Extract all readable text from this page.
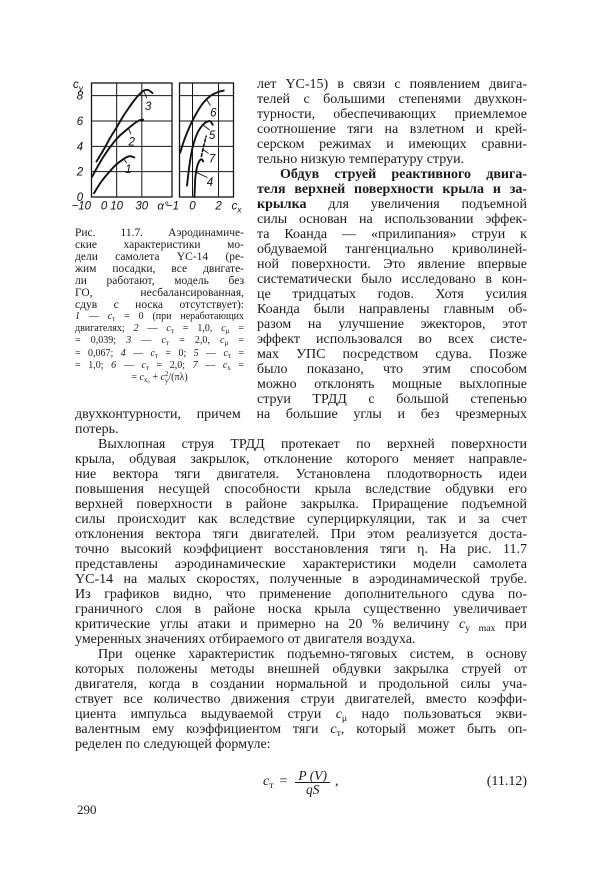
1
2
3
−10 0 10 30
0
2
4
6
8
$c_y$
α°
4
5
6
7
−1 0 2 $c_x$
Рис. 11.7. Аэродинамиче-
ские характеристики мо-
дели самолета YC-14 (ре-
жим посадки, все двигате-
ли работают, модель без
ГО, несбалансированная,
сдув с носка отсутствует):
1 — $c_т = 0$ (при неработающих
двигателях; 2 — $c_т = 1,0$, $c_\mu$ =
= 0,039; 3 — $c_т = 2,0$, $c_\mu$ =
= 0,067; 4 — $c_т = 0$; 5 — $c_т$ =
= 1,0; 6 — $c_т = 2,0$; 7 — $c_x$ =
= $c_{x_0} + c$ 2
y /(πλ)
лет YC-15) в связи с появлением двига-
телей с большими степенями двухкон-
турности, обеспечивающих приемлемое
соотношение тяги на взлетном и крей-
серском режимах и имеющих сравни-
тельно низкую температуру струи.
Обдув струей реактивного двига-
теля верхней поверхности крыла и за-
крылка для увеличения подъемной
силы основан на использовании эффек-
та Коанда — «прилипания» струи к
обдуваемой тангенциально криволиней-
ной поверхности. Это явление впервые
систематически было исследовано в кон-
це тридцатых годов. Хотя усилия
Коанда были направлены главным об-
разом на улучшение эжекторов, этот
эффект использовался во всех систе-
мах УПС посредством сдува. Позже
было показано, что этим способом
можно отклонять мощные выхлопные
струи ТРДД с большой степенью
двухконтурности, причем на большие углы и без чрезмерных
потерь.
Выхлопная струя ТРДД протекает по верхней поверхности
крыла, обдувая закрылок, отклонение которого меняет направле-
ние вектора тяги двигателя. Установлена плодотворность идеи
повышения несущей способности крыла вследствие обдувки его
верхней поверхности в районе закрылка. Приращение подъемной
силы происходит как вследствие суперциркуляции, так и за счет
отклонения вектора тяги двигателей. При этом реализуется доста-
точно высокий коэффициент восстановления тяги η. На рис. 11.7
представлены аэродинамические характеристики модели самолета
YC-14 на малых скоростях, полученные в аэродинамической трубе.
Из графиков видно, что применение дополнительного сдува по-
граничного слоя в районе носка крыла существенно увеличивает
критические углы атаки и примерно на 20 % величину $c_{y max}$ при
умеренных значениях отбираемого от двигателя воздуха.
При оценке характеристик подъемно-тяговых систем, в основу
которых положены методы внешней обдувки закрылка струей от
двигателя, когда в создании нормальной и продольной силы уча-
ствует все количество движения струи двигателей, вместо коэффи-
циента импульса выдуваемой струи $c_\mu$ надо пользоваться экви-
валентным ему коэффициентом тяги $c_т$, который может быть оп-
ределен по следующей формуле:
$c_т = \frac{P (V)}{qS}$ ,	(11.12)
290
